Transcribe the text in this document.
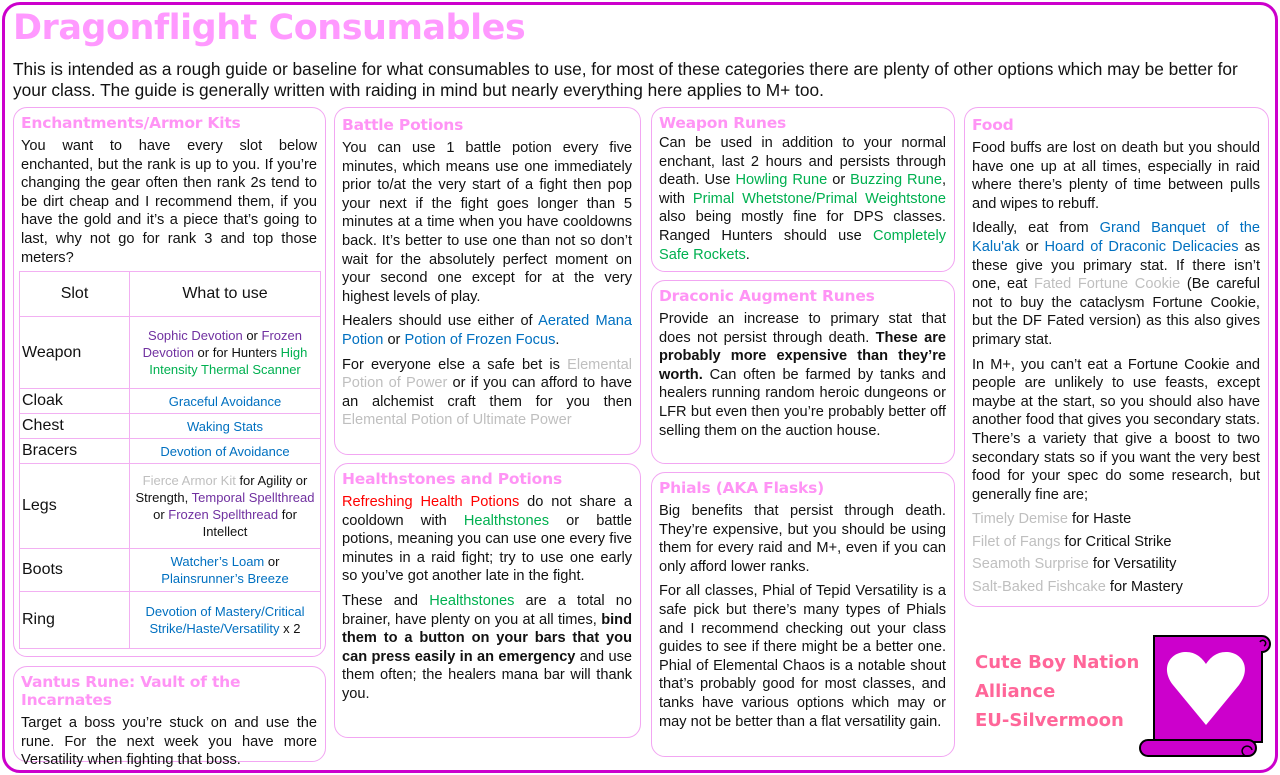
Dragonflight Consumables
This is intended as a rough guide or baseline for what consumables to use, for most of these categories there are plenty of other options which may be better for your class. The guide is generally written with raiding in mind but nearly everything here applies to M+ too.
Enchantments/Armor Kits

You want to have every slot below enchanted, but the rank is up to you. If you’re changing the gear often then rank 2s tend to be dirt cheap and I recommend them, if you have the gold and it’s a piece that’s going to last, why not go for rank 3 and top those meters?

Slot	What to use
Weapon	Sophic Devotion or Frozen Devotion or for Hunters High Intensity Thermal Scanner
Cloak	Graceful Avoidance
Chest	Waking Stats
Bracers	Devotion of Avoidance
Legs	Fierce Armor Kit for Agility or Strength, Temporal Spellthread or Frozen Spellthread for Intellect
Boots	Watcher’s Loam or Plainsrunner’s Breeze
Ring	Devotion of Mastery/Critical Strike/Haste/Versatility x 2
Vantus Rune: Vault of the Incarnates

Target a boss you’re stuck on and use the rune. For the next week you have more Versatility when fighting that boss.

Battle Potions

You can use 1 battle potion every five minutes, which means use one immediately prior to/at the very start of a fight then pop your next if the fight goes longer than 5 minutes at a time when you have cooldowns back. It’s better to use one than not so don’t wait for the absolutely perfect moment on your second one except for at the very highest levels of play.

Healers should use either of Aerated Mana Potion or Potion of Frozen Focus.

For everyone else a safe bet is Elemental Potion of Power or if you can afford to have an alchemist craft them for you then Elemental Potion of Ultimate Power

Healthstones and Potions

Refreshing Health Potions do not share a cooldown with Healthstones or battle potions, meaning you can use one every five minutes in a raid fight; try to use one early so you’ve got another late in the fight.

These and Healthstones are a total no brainer, have plenty on you at all times, bind them to a button on your bars that you can press easily in an emergency and use them often; the healers mana bar will thank you.

Weapon Runes

Can be used in addition to your normal enchant, last 2 hours and persists through death. Use Howling Rune or Buzzing Rune, with Primal Whetstone/Primal Weightstone also being mostly fine for DPS classes. Ranged Hunters should use Completely Safe Rockets.

Draconic Augment Runes

Provide an increase to primary stat that does not persist through death. These are probably more expensive than they’re worth. Can often be farmed by tanks and healers running random heroic dungeons or LFR but even then you’re probably better off selling them on the auction house.

Phials (AKA Flasks)

Big benefits that persist through death. They’re expensive, but you should be using them for every raid and M+, even if you can only afford lower ranks.

For all classes, Phial of Tepid Versatility is a safe pick but there’s many types of Phials and I recommend checking out your class guides to see if there might be a better one. Phial of Elemental Chaos is a notable shout that’s probably good for most classes, and tanks have various options which may or may not be better than a flat versatility gain.

Food

Food buffs are lost on death but you should have one up at all times, especially in raid where there’s plenty of time between pulls and wipes to rebuff.

Ideally, eat from Grand Banquet of the Kalu'ak or Hoard of Draconic Delicacies as these give you primary stat. If there isn’t one, eat Fated Fortune Cookie (Be careful not to buy the cataclysm Fortune Cookie, but the DF Fated version) as this also gives primary stat.

In M+, you can’t eat a Fortune Cookie and people are unlikely to use feasts, except maybe at the start, so you should also have another food that gives you secondary stats. There’s a variety that give a boost to two secondary stats so if you want the very best food for your spec do some research, but generally fine are;

Timely Demise for Haste

Filet of Fangs for Critical Strike

Seamoth Surprise for Versatility

Salt-Baked Fishcake for Mastery

Cute Boy Nation
Alliance
EU-Silvermoon
